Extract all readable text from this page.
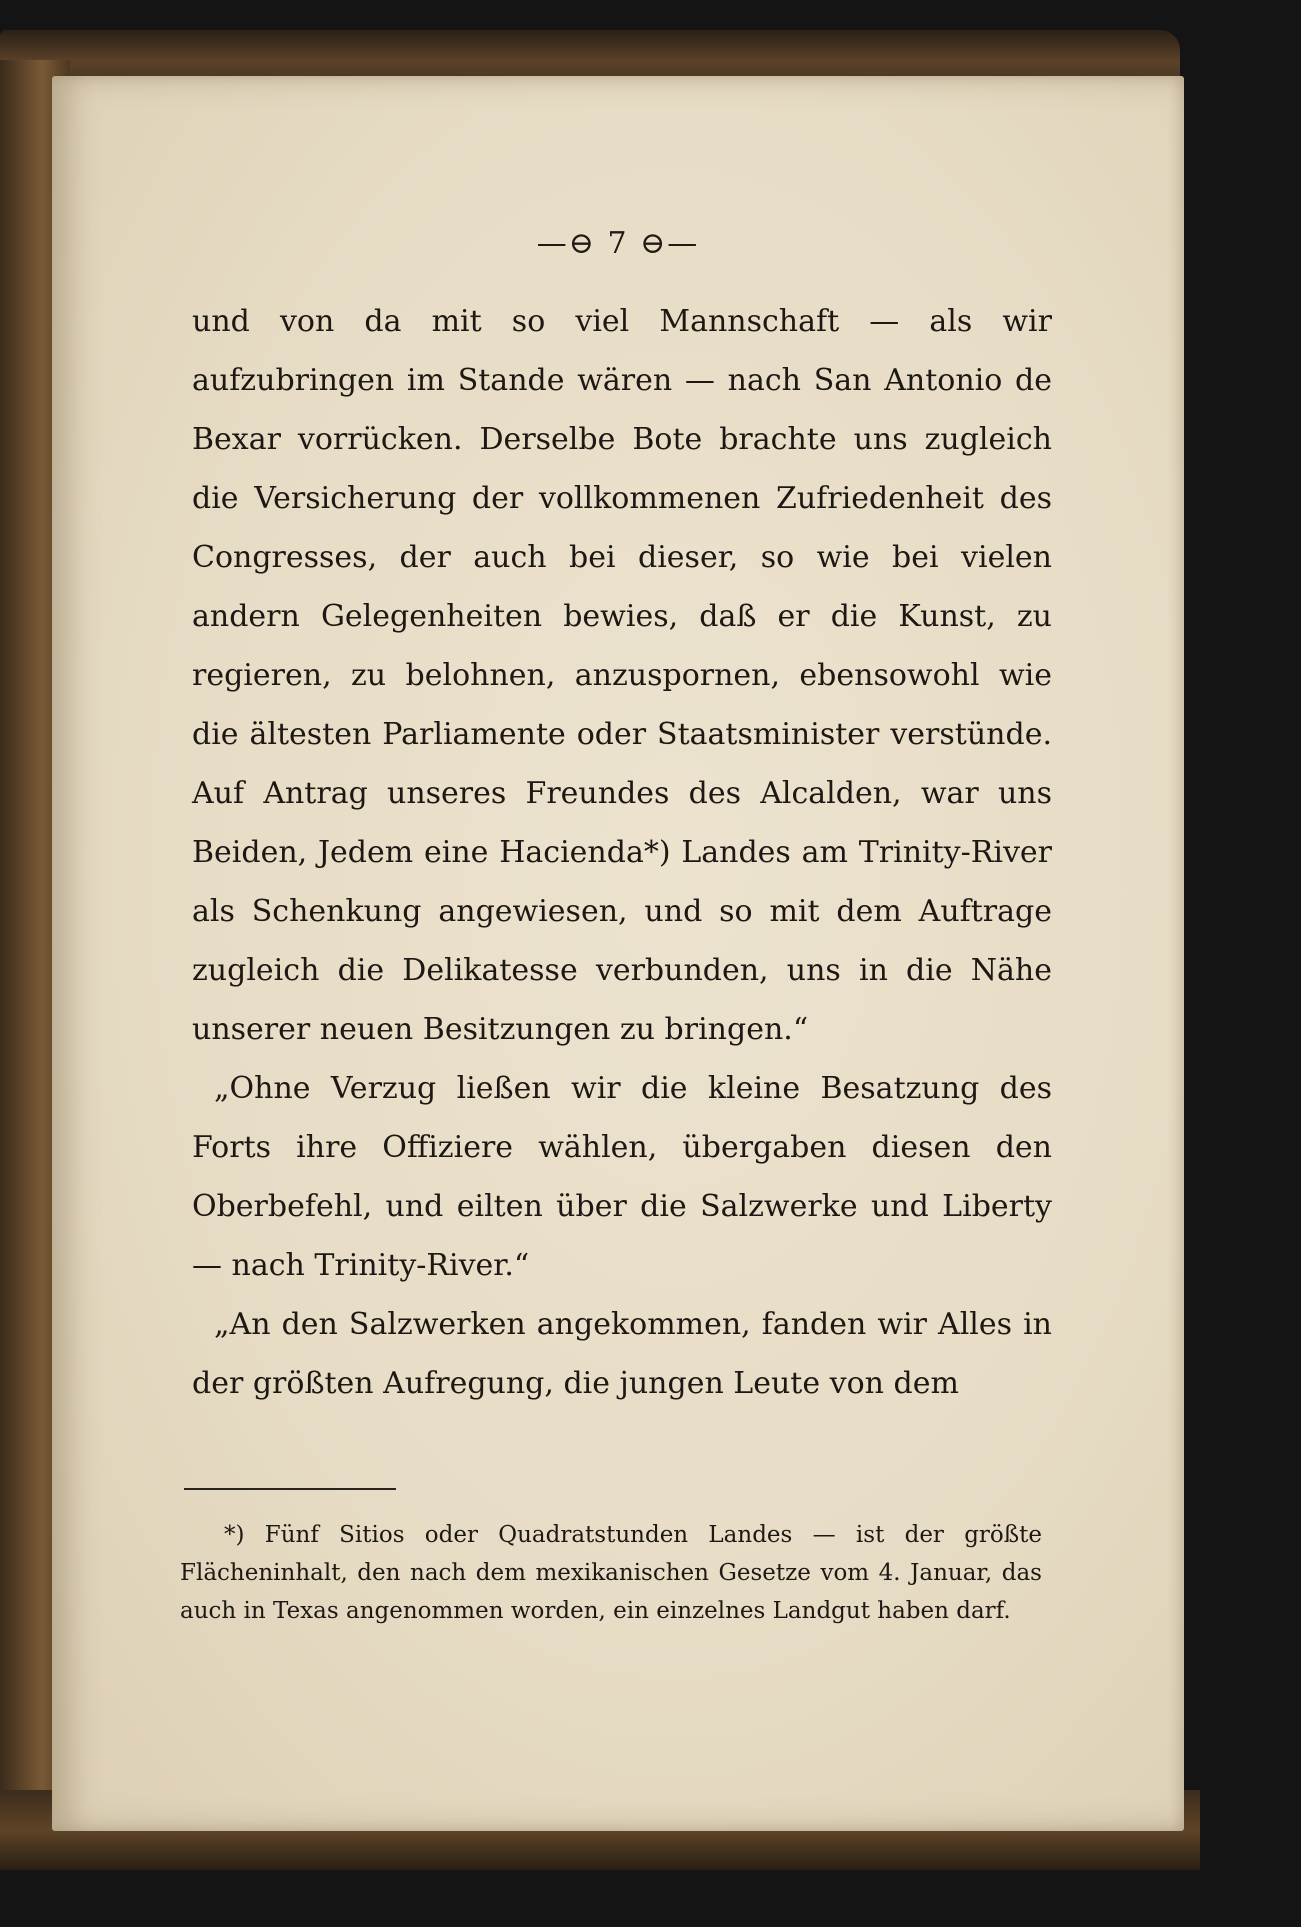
—⊖ 7 ⊖—

und von da mit so viel Mannschaft — als wir aufzubringen im Stande wären — nach San Antonio de Bexar vorrücken. Derselbe Bote brachte uns zugleich die Versicherung der vollkommenen Zufriedenheit des Congresses, der auch bei dieser, so wie bei vielen andern Gelegenheiten bewies, daß er die Kunst, zu regieren, zu belohnen, anzuspornen, ebensowohl wie die ältesten Parliamente oder Staatsminister verstünde. Auf Antrag unseres Freundes des Alcalden, war uns Beiden, Jedem eine Hacienda*) Landes am Trinity-River als Schenkung angewiesen, und so mit dem Auftrage zugleich die Delikatesse verbunden, uns in die Nähe unserer neuen Besitzungen zu bringen.“

„Ohne Verzug ließen wir die kleine Besatzung des Forts ihre Offiziere wählen, übergaben diesen den Oberbefehl, und eilten über die Salzwerke und Liberty — nach Trinity-River.“

„An den Salzwerken angekommen, fanden wir Alles in der größten Aufregung, die jungen Leute von dem

*) Fünf Sitios oder Quadratstunden Landes — ist der größte Flächeninhalt, den nach dem mexikanischen Gesetze vom 4. Januar, das auch in Texas angenommen worden, ein einzelnes Landgut haben darf.
